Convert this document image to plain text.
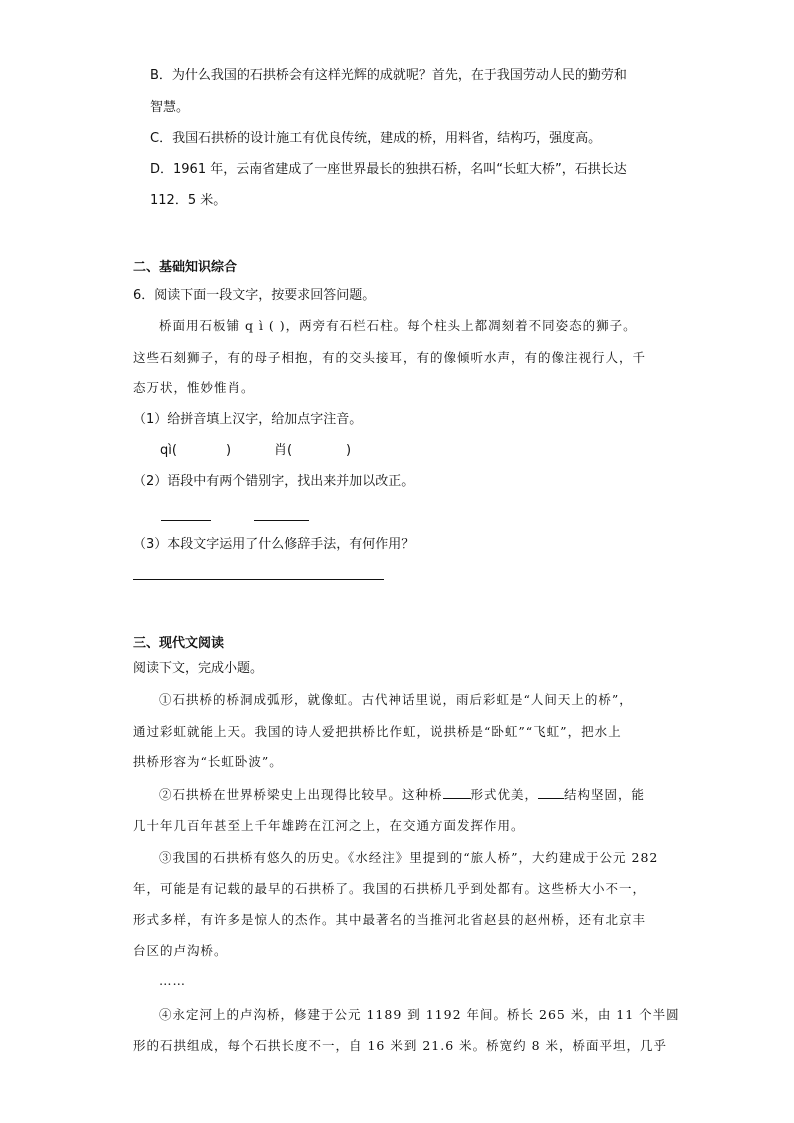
B．为什么我国的石拱桥会有这样光辉的成就呢？首先，在于我国劳动人民的勤劳和
智慧。
C．我国石拱桥的设计施工有优良传统，建成的桥，用料省，结构巧，强度高。
D．1961 年，云南省建成了一座世界最长的独拱石桥，名叫“长虹大桥”，石拱长达
112．5 米。
二、基础知识综合
6．阅读下面一段文字，按要求回答问题。
桥面用石板铺 q ì ( )，两旁有石栏石柱。每个柱头上都凋刻着不同姿态的狮子。
这些石刻狮子，有的母子相抱，有的交头接耳，有的像倾听水声，有的像注视行人，千
态万状，惟妙惟肖。
（1）给拼音填上汉字，给加点字注音。
qì(	)	肖(	)
（2）语段中有两个错别字，找出来并加以改正。
（3）本段文字运用了什么修辞手法，有何作用？
三、现代文阅读
阅读下文，完成小题。
①石拱桥的桥洞成弧形，就像虹。古代神话里说，雨后彩虹是“人间天上的桥”，
通过彩虹就能上天。我国的诗人爱把拱桥比作虹，说拱桥是“卧虹”“飞虹”，把水上
拱桥形容为“长虹卧波”。
②石拱桥在世界桥梁史上出现得比较早。这种桥 形式优美， 结构坚固，能
几十年几百年甚至上千年雄跨在江河之上，在交通方面发挥作用。
③我国的石拱桥有悠久的历史。《水经注》里提到的“旅人桥”，大约建成于公元 282
年，可能是有记载的最早的石拱桥了。我国的石拱桥几乎到处都有。这些桥大小不一，
形式多样，有许多是惊人的杰作。其中最著名的当推河北省赵县的赵州桥，还有北京丰
台区的卢沟桥。
……
④永定河上的卢沟桥，修建于公元 1189 到 1192 年间。桥长 265 米，由 11 个半圆
形的石拱组成，每个石拱长度不一，自 16 米到 21.6 米。桥宽约 8 米，桥面平坦，几乎
